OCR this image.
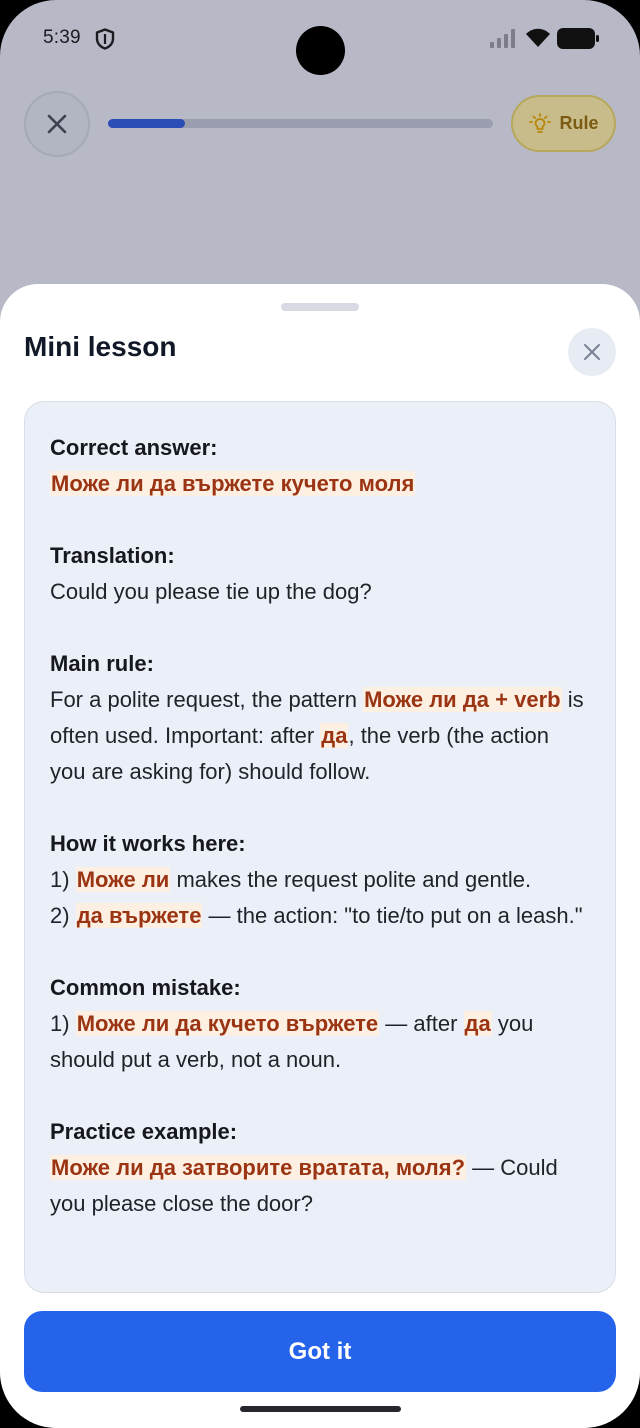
5:39
Rule
Mini lesson
Correct answer:
Може ли да вържете кучето моля
Translation:
Could you please tie up the dog?
Main rule:
For a polite request, the pattern Може ли да + verb is often used. Important: after да, the verb (the action you are asking for) should follow.
How it works here:
1) Може ли makes the request polite and gentle.
2) да вържете — the action: "to tie/to put on a leash."
Common mistake:
1) Може ли да кучето вържете — after да you should put a verb, not a noun.
Practice example:
Може ли да затворите вратата, моля? — Could you please close the door?
Got it
